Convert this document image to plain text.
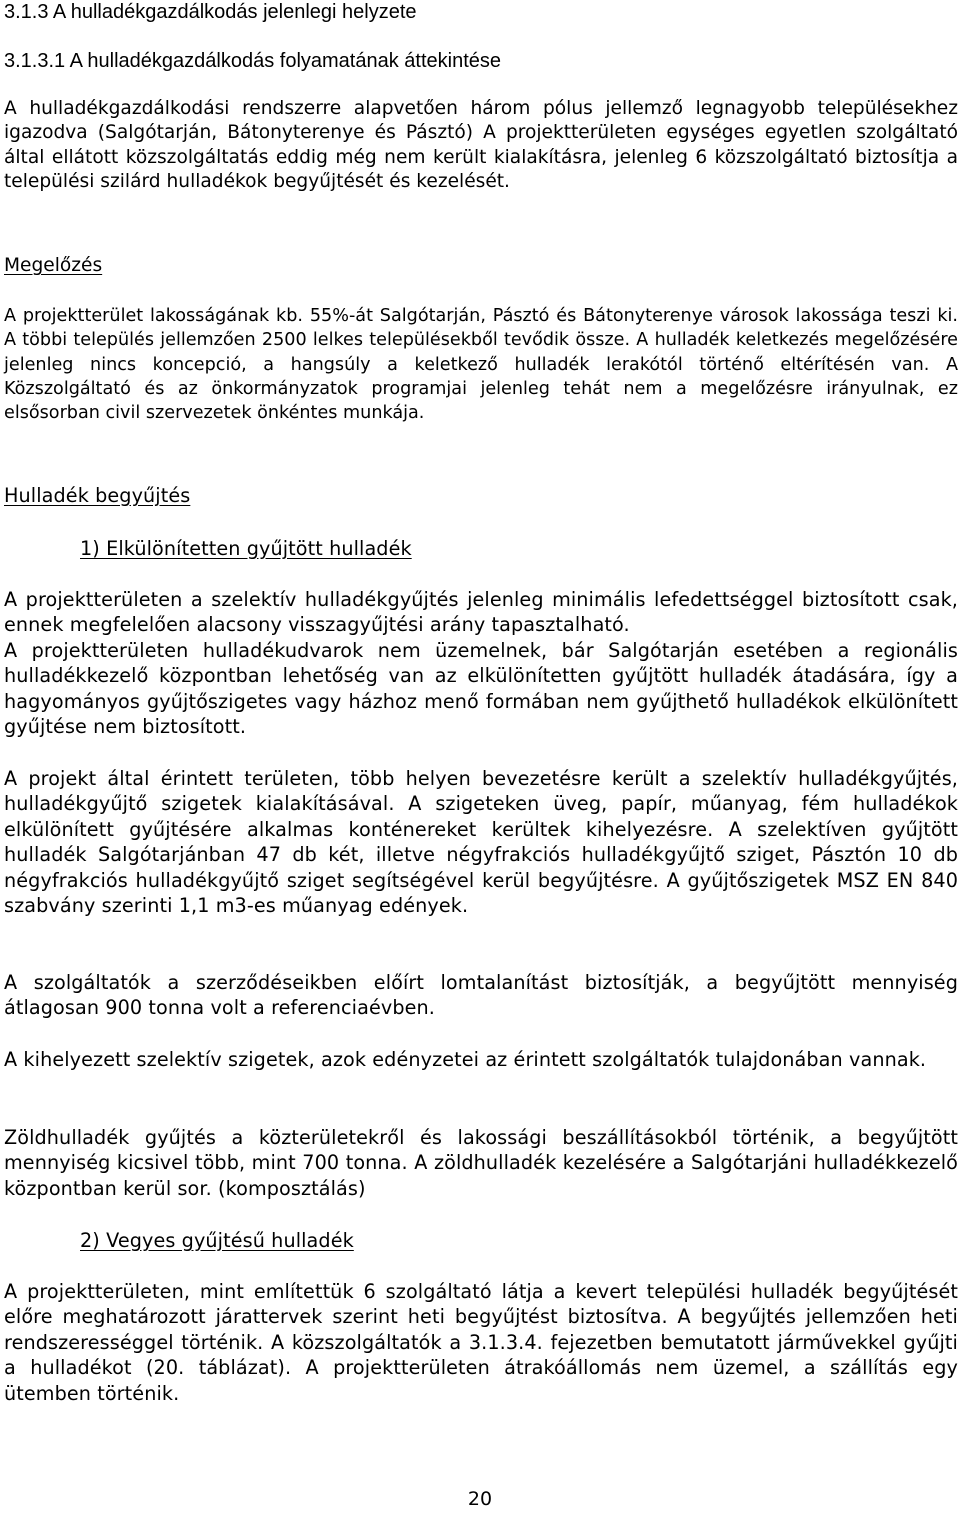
3.1.3 A hulladékgazdálkodás jelenlegi helyzete
3.1.3.1 A hulladékgazdálkodás folyamatának áttekintése

A hulladékgazdálkodási rendszerre alapvetően három pólus jellemző legnagyobb településekhez igazodva (Salgótarján, Bátonyterenye és Pásztó) A projektterületen egységes egyetlen szolgáltató által ellátott közszolgáltatás eddig még nem került kialakításra, jelenleg 6 közszolgáltató biztosítja a települési szilárd hulladékok begyűjtését és kezelését.

Megelőzés

A projektterület lakosságának kb. 55%-át Salgótarján, Pásztó és Bátonyterenye városok lakossága teszi ki. A többi település jellemzően 2500 lelkes településekből tevődik össze. A hulladék keletkezés megelőzésére jelenleg nincs koncepció, a hangsúly a keletkező hulladék lerakótól történő eltérítésén van. A Közszolgáltató és az önkormányzatok programjai jelenleg tehát nem a megelőzésre irányulnak, ez elsősorban civil szervezetek önkéntes munkája.

Hulladék begyűjtés

1) Elkülönítetten gyűjtött hulladék

A projektterületen a szelektív hulladékgyűjtés jelenleg minimális lefedettséggel biztosított csak, ennek megfelelően alacsony visszagyűjtési arány tapasztalható.

A projektterületen hulladékudvarok nem üzemelnek, bár Salgótarján esetében a regionális hulladékkezelő központban lehetőség van az elkülönítetten gyűjtött hulladék átadására, így a hagyományos gyűjtőszigetes vagy házhoz menő formában nem gyűjthető hulladékok elkülönített gyűjtése nem biztosított.

A projekt által érintett területen, több helyen bevezetésre került a szelektív hulladékgyűjtés, hulladékgyűjtő szigetek kialakításával. A szigeteken üveg, papír, műanyag, fém hulladékok elkülönített gyűjtésére alkalmas konténereket kerültek kihelyezésre. A szelektíven gyűjtött hulladék Salgótarjánban 47 db két, illetve négyfrakciós hulladékgyűjtő sziget, Pásztón 10 db négyfrakciós hulladékgyűjtő sziget segítségével kerül begyűjtésre. A gyűjtőszigetek MSZ EN 840 szabvány szerinti 1,1 m3-es műanyag edények.

A szolgáltatók a szerződéseikben előírt lomtalanítást biztosítják, a begyűjtött mennyiség átlagosan 900 tonna volt a referenciaévben.

A kihelyezett szelektív szigetek, azok edényzetei az érintett szolgáltatók tulajdonában vannak.

Zöldhulladék gyűjtés a közterületekről és lakossági beszállításokból történik, a begyűjtött mennyiség kicsivel több, mint 700 tonna. A zöldhulladék kezelésére a Salgótarjáni hulladékkezelő központban kerül sor. (komposztálás)

2) Vegyes gyűjtésű hulladék

A projektterületen, mint említettük 6 szolgáltató látja a kevert települési hulladék begyűjtését előre meghatározott járattervek szerint heti begyűjtést biztosítva. A begyűjtés jellemzően heti rendszerességgel történik. A közszolgáltatók a 3.1.3.4. fejezetben bemutatott járművekkel gyűjti a hulladékot (20. táblázat). A projektterületen átrakóállomás nem üzemel, a szállítás egy ütemben történik.

20
